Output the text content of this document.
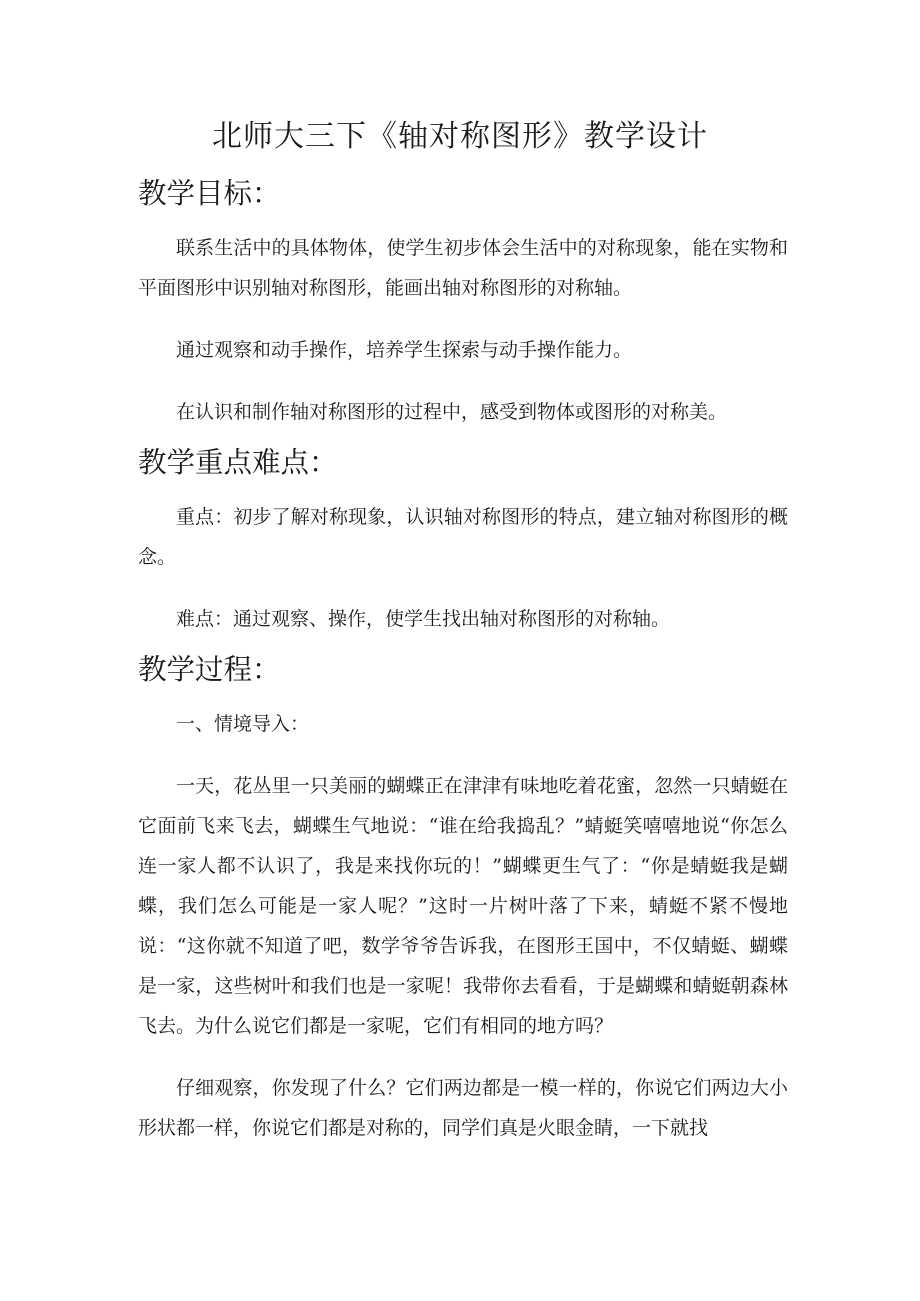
北师大三下《轴对称图形》教学设计
教学目标：

联系生活中的具体物体，使学生初步体会生活中的对称现象，能在实物和平面图形中识别轴对称图形，能画出轴对称图形的对称轴。

通过观察和动手操作，培养学生探索与动手操作能力。

在认识和制作轴对称图形的过程中，感受到物体或图形的对称美。

教学重点难点：

重点：初步了解对称现象，认识轴对称图形的特点，建立轴对称图形的概念。

难点：通过观察、操作，使学生找出轴对称图形的对称轴。

教学过程：

一、情境导入：

一天，花丛里一只美丽的蝴蝶正在津津有味地吃着花蜜，忽然一只蜻蜓在它面前飞来飞去，蝴蝶生气地说：“谁在给我捣乱？”蜻蜓笑嘻嘻地说“你怎么连一家人都不认识了，我是来找你玩的！”蝴蝶更生气了：“你是蜻蜓我是蝴蝶，我们怎么可能是一家人呢？”这时一片树叶落了下来，蜻蜓不紧不慢地说：“这你就不知道了吧，数学爷爷告诉我，在图形王国中，不仅蜻蜓、蝴蝶是一家，这些树叶和我们也是一家呢！我带你去看看，于是蝴蝶和蜻蜓朝森林飞去。为什么说它们都是一家呢，它们有相同的地方吗？

仔细观察，你发现了什么？它们两边都是一模一样的，你说它们两边大小形状都一样，你说它们都是对称的，同学们真是火眼金睛，一下就找
